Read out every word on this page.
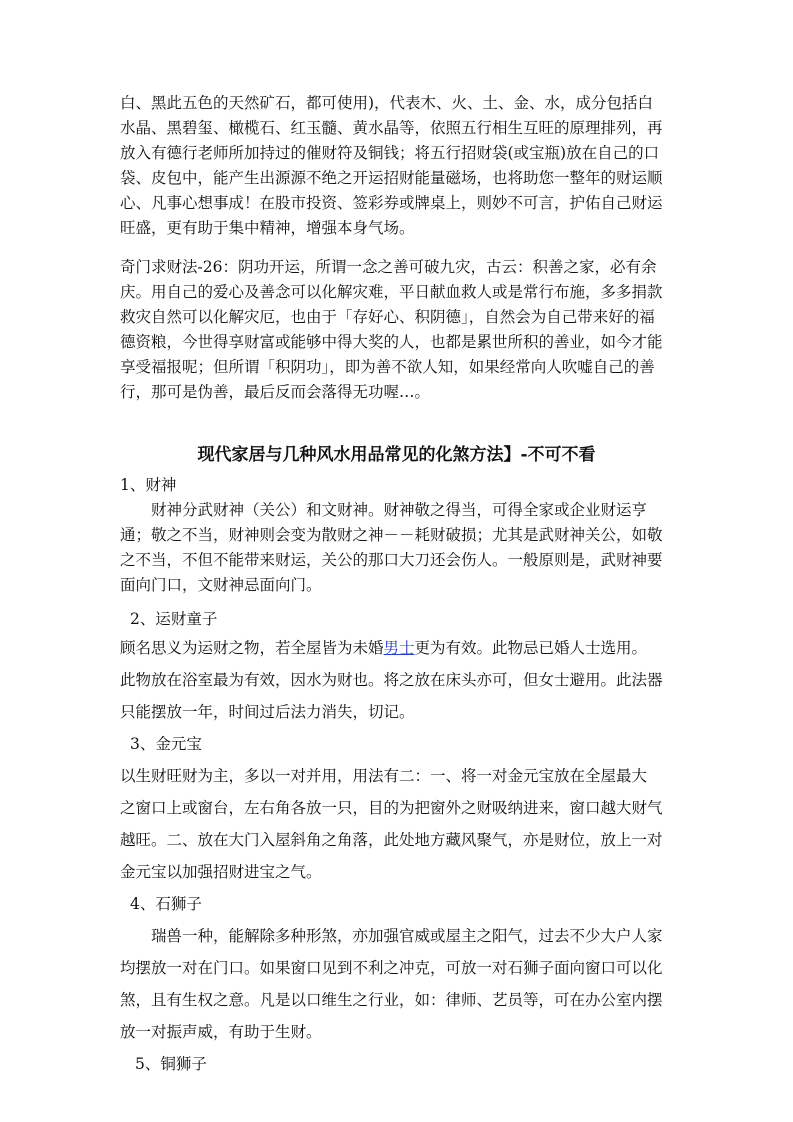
白、黑此五色的天然矿石，都可使用)，代表木、火、土、金、水，成分包括白
水晶、黑碧玺、橄榄石、红玉髓、黄水晶等，依照五行相生互旺的原理排列，再
放入有德行老师所加持过的催财符及铜钱；将五行招财袋(或宝瓶)放在自己的口
袋、皮包中，能产生出源源不绝之开运招财能量磁场，也将助您一整年的财运顺
心、凡事心想事成！在股市投资、签彩券或牌桌上，则妙不可言，护佑自己财运
旺盛，更有助于集中精神，增强本身气场。
奇门求财法-26：阴功开运，所谓一念之善可破九灾，古云：积善之家，必有余
庆。用自己的爱心及善念可以化解灾难，平日献血救人或是常行布施，多多捐款
救灾自然可以化解灾厄，也由于「存好心、积阴德」，自然会为自己带来好的福
德资粮，今世得享财富或能够中得大奖的人，也都是累世所积的善业，如今才能
享受福报呢；但所谓「积阴功」，即为善不欲人知，如果经常向人吹嘘自己的善
行，那可是伪善，最后反而会落得无功喔…。
现代家居与几种风水用品常见的化煞方法】-不可不看
1、财神
　　财神分武财神（关公）和文财神。财神敬之得当，可得全家或企业财运亨
通；敬之不当，财神则会变为散财之神－－耗财破损；尤其是武财神关公，如敬
之不当，不但不能带来财运，关公的那口大刀还会伤人。一般原则是，武财神要
面向门口，文财神忌面向门。
2、运财童子
顾名思义为运财之物，若全屋皆为未婚男士更为有效。此物忌已婚人士选用。
此物放在浴室最为有效，因水为财也。将之放在床头亦可，但女士避用。此法器
只能摆放一年，时间过后法力消失，切记。
3、金元宝
以生财旺财为主，多以一对并用，用法有二：一、将一对金元宝放在全屋最大
之窗口上或窗台，左右角各放一只，目的为把窗外之财吸纳进来，窗口越大财气
越旺。二、放在大门入屋斜角之角落，此处地方藏风聚气，亦是财位，放上一对
金元宝以加强招财进宝之气。
4、石狮子
　　瑞兽一种，能解除多种形煞，亦加强官威或屋主之阳气，过去不少大户人家
均摆放一对在门口。如果窗口见到不利之冲克，可放一对石狮子面向窗口可以化
煞，且有生权之意。凡是以口维生之行业，如：律师、艺员等，可在办公室内摆
放一对振声威，有助于生财。
5、铜狮子
